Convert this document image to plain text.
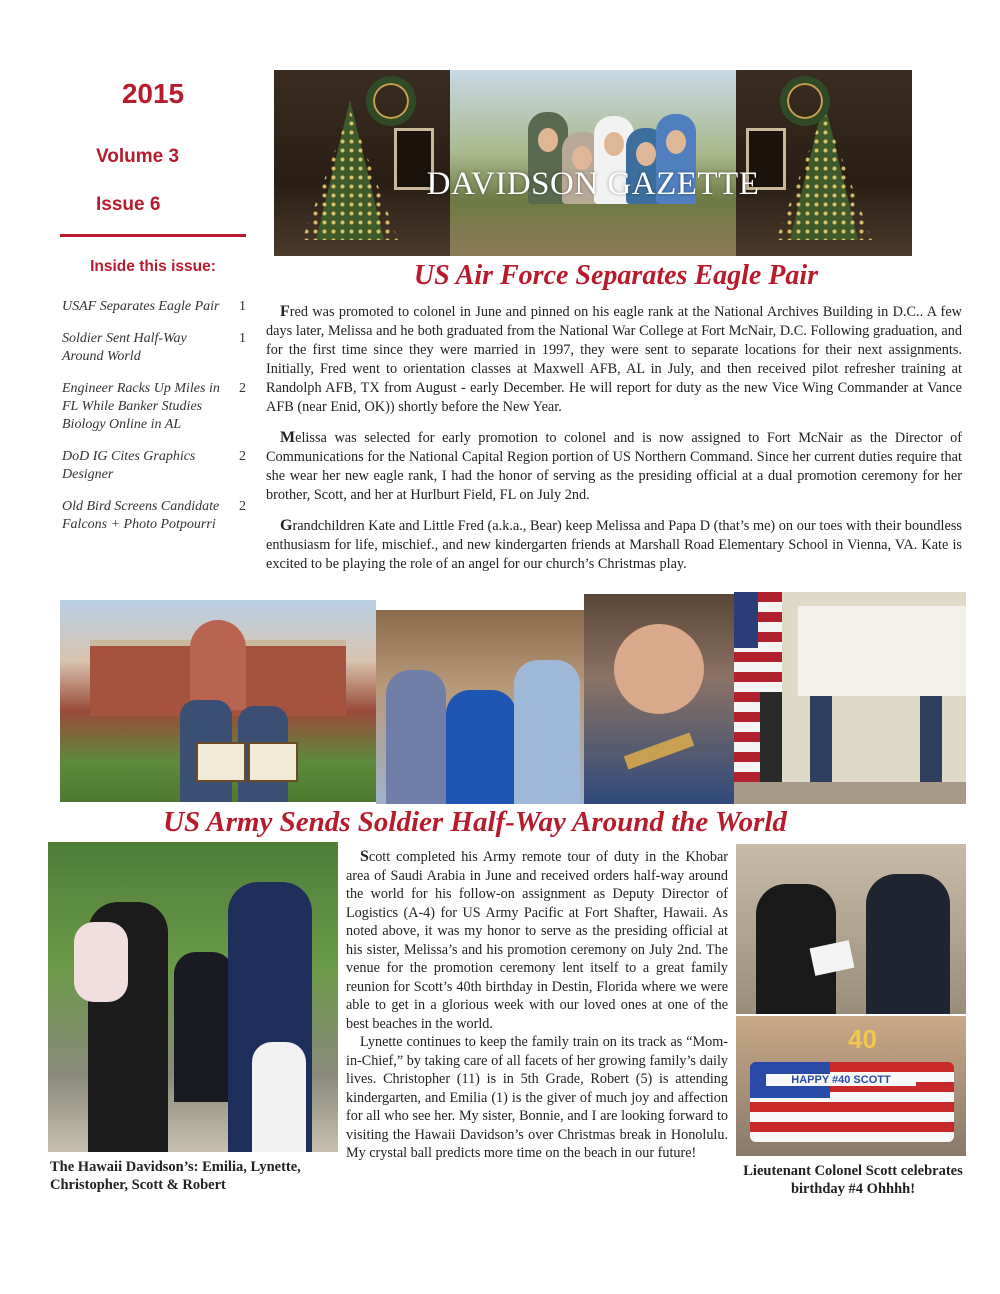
2015
Volume 3
Issue 6
Inside this issue:
USAF Separates Eagle Pair 1
Soldier Sent Half-Way Around World
1
Engineer Racks Up Miles in FL While Banker Studies Biology Online in AL
2
DoD IG Cites Graphics Designer
2
Old Bird Screens Candidate Falcons + Photo Potpourri
2
DAVIDSON GAZETTE
US Air Force Separates Eagle Pair

Fred was promoted to colonel in June and pinned on his eagle rank at the National Archives Building in D.C.. A few days later, Melissa and he both graduated from the National War College at Fort McNair, D.C. Following graduation, and for the first time since they were married in 1997, they were sent to separate locations for their next assignments. Initially, Fred went to orientation classes at Maxwell AFB, AL in July, and then received pilot refresher training at Randolph AFB, TX from August - early December. He will report for duty as the new Vice Wing Commander at Vance AFB (near Enid, OK)) shortly before the New Year.

Melissa was selected for early promotion to colonel and is now assigned to Fort McNair as the Director of Communications for the National Capital Region portion of US Northern Command. Since her current duties require that she wear her new eagle rank, I had the honor of serving as the presiding official at a dual promotion ceremony for her brother, Scott, and her at Hurlburt Field, FL on July 2nd.

Grandchildren Kate and Little Fred (a.k.a., Bear) keep Melissa and Papa D (that’s me) on our toes with their boundless enthusiasm for life, mischief., and new kindergarten friends at Marshall Road Elementary School in Vienna, VA. Kate is excited to be playing the role of an angel for our church’s Christmas play.

US Army Sends Soldier Half-Way Around the World
The Hawaii Davidson’s: Emilia, Lynette, Christopher, Scott & Robert

Scott completed his Army remote tour of duty in the Khobar area of Saudi Arabia in June and received orders half-way around the world for his follow-on assignment as Deputy Director of Logistics (A-4) for US Army Pacific at Fort Shafter, Hawaii. As noted above, it was my honor to serve as the presiding official at his sister, Melissa’s and his promotion ceremony on July 2nd. The venue for the promotion ceremony lent itself to a great family reunion for Scott’s 40th birthday in Destin, Florida where we were able to get in a glorious week with our loved ones at one of the best beaches in the world.

Lynette continues to keep the family train on its track as “Mom-in-Chief,” by taking care of all facets of her growing family’s daily lives. Christopher (11) is in 5th Grade, Robert (5) is attending kindergarten, and Emilia (1) is the giver of much joy and affection for all who see her. My sister, Bonnie, and I are looking forward to visiting the Hawaii Davidson’s over Christmas break in Honolulu. My crystal ball predicts more time on the beach in our future!

HAPPY #40 SCOTT
40
Lieutenant Colonel Scott celebrates birthday #4 Ohhhh!
